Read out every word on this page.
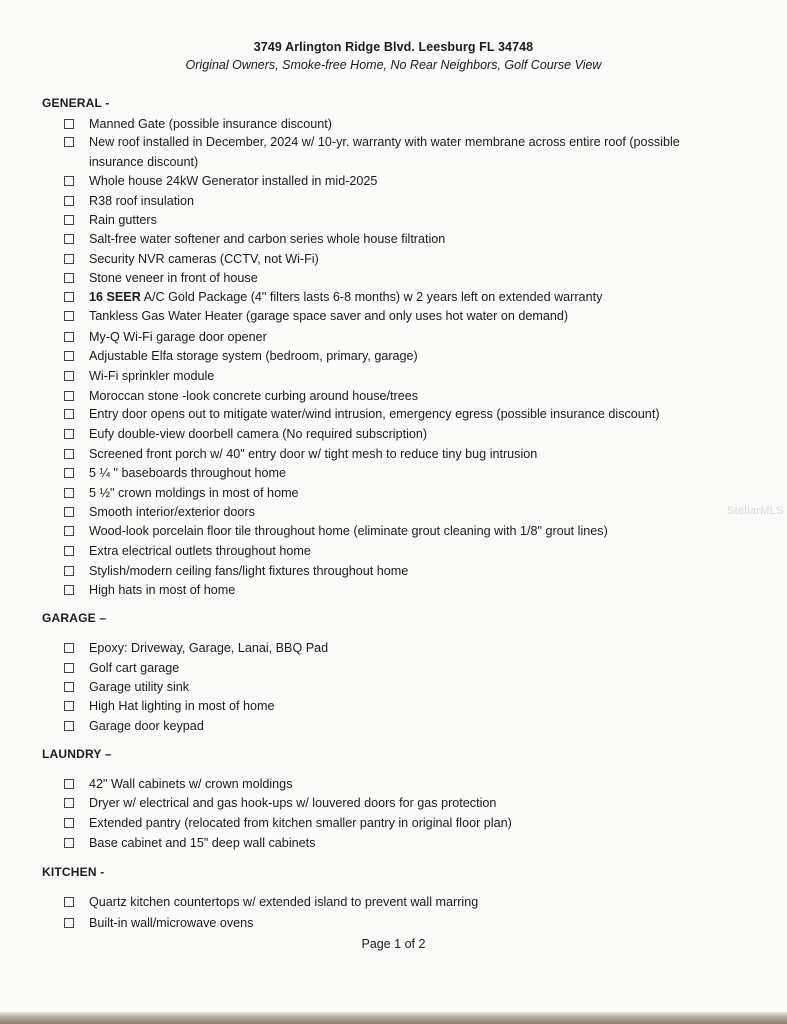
3749 Arlington Ridge Blvd. Leesburg FL 34748
Original Owners, Smoke-free Home, No Rear Neighbors, Golf Course View
GENERAL -
Manned Gate (possible insurance discount)
New roof installed in December, 2024 w/ 10-yr. warranty with water membrane across entire roof (possible insurance discount)
Whole house 24kW Generator installed in mid-2025
R38 roof insulation
Rain gutters
Salt-free water softener and carbon series whole house filtration
Security NVR cameras (CCTV, not Wi-Fi)
Stone veneer in front of house
16 SEER A/C Gold Package (4" filters lasts 6-8 months) w 2 years left on extended warranty
Tankless Gas Water Heater (garage space saver and only uses hot water on demand)
My-Q Wi-Fi garage door opener
Adjustable Elfa storage system (bedroom, primary, garage)
Wi-Fi sprinkler module
Moroccan stone -look concrete curbing around house/trees
Entry door opens out to mitigate water/wind intrusion, emergency egress (possible insurance discount)
Eufy double-view doorbell camera (No required subscription)
Screened front porch w/ 40" entry door w/ tight mesh to reduce tiny bug intrusion
5 ¼ " baseboards throughout home
5 ½" crown moldings in most of home
Smooth interior/exterior doors
Wood-look porcelain floor tile throughout home (eliminate grout cleaning with 1/8" grout lines)
Extra electrical outlets throughout home
Stylish/modern ceiling fans/light fixtures throughout home
High hats in most of home
GARAGE –
Epoxy: Driveway, Garage, Lanai, BBQ Pad
Golf cart garage
Garage utility sink
High Hat lighting in most of home
Garage door keypad
LAUNDRY –
42" Wall cabinets w/ crown moldings
Dryer w/ electrical and gas hook-ups w/ louvered doors for gas protection
Extended pantry (relocated from kitchen smaller pantry in original floor plan)
Base cabinet and 15" deep wall cabinets
KITCHEN -
Quartz kitchen countertops w/ extended island to prevent wall marring
Built-in wall/microwave ovens
Page 1 of 2
StellarMLS
